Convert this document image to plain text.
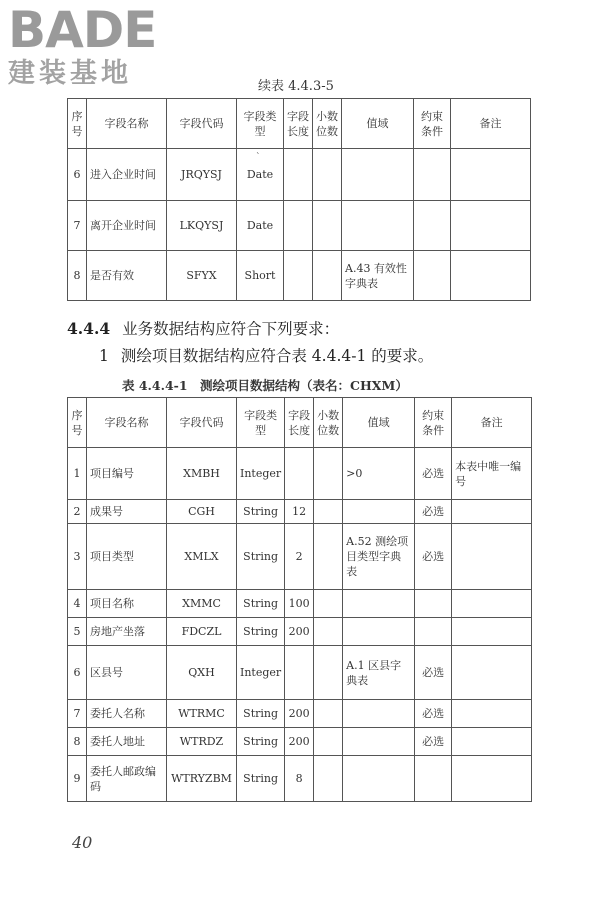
BADE
建装基地	续表 4.4.3-5
ˋ
序号	字段名称	字段代码	字段类型	字段长度	小数位数	值域	约束条件	备注
6	进入企业时间	JRQYSJ	Date					
7	离开企业时间	LKQYSJ	Date					
8	是否有效	SFYX	Short			A.43 有效性字典表		
4.4.4 业务数据结构应符合下列要求：
1 测绘项目数据结构应符合表 4.4.4-1 的要求。
表 4.4.4-1　测绘项目数据结构（表名：CHXM）
序号	字段名称	字段代码	字段类型	字段长度	小数位数	值域	约束条件	备注
1	项目编号	XMBH	Integer			>0	必选	本表中唯一编号
2	成果号	CGH	String	12			必选	
3	项目类型	XMLX	String	2		A.52 测绘项目类型字典表	必选	
4	项目名称	XMMC	String	100				
5	房地产坐落	FDCZL	String	200				
6	区县号	QXH	Integer			A.1 区县字典表	必选	
7	委托人名称	WTRMC	String	200			必选	
8	委托人地址	WTRDZ	String	200			必选	
9	委托人邮政编码	WTRYZBM	String	8				
40
